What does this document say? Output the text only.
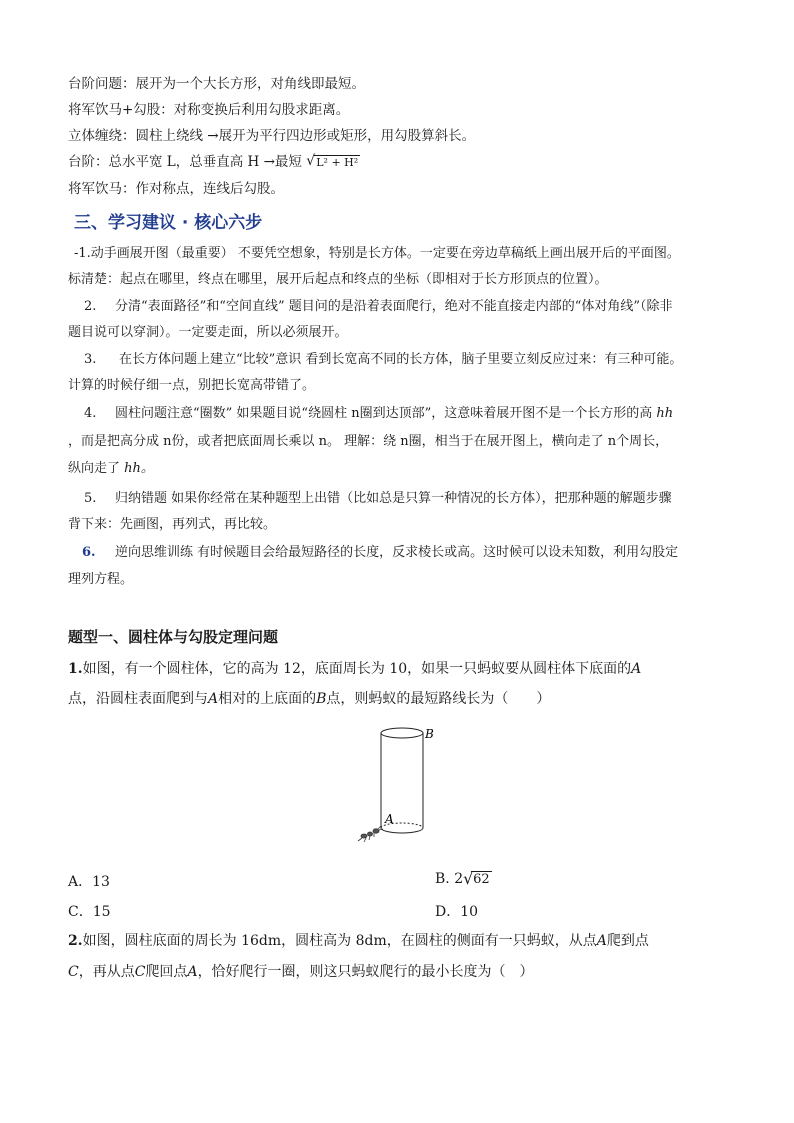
台阶问题：展开为一个大长方形，对角线即最短。
将军饮马+勾股：对称变换后利用勾股求距离。
立体缠绕：圆柱上绕线 →展开为平行四边形或矩形，用勾股算斜长。
台阶：总水平宽 L，总垂直高 H →最短 √ L² + H²
将军饮马：作对称点，连线后勾股。
三、学习建议 · 核心六步
-1.动手画展开图（最重要） 不要凭空想象，特别是长方体。一定要在旁边草稿纸上画出展开后的平面图。
标清楚：起点在哪里，终点在哪里，展开后起点和终点的坐标（即相对于长方形顶点的位置）。
2. 分清“表面路径”和“空间直线” 题目问的是沿着表面爬行，绝对不能直接走内部的“体对角线”（除非
题目说可以穿洞）。一定要走面，所以必须展开。
3. 在长方体问题上建立“比较”意识 看到长宽高不同的长方体，脑子里要立刻反应过来：有三种可能。
计算的时候仔细一点，别把长宽高带错了。
4. 圆柱问题注意“圈数” 如果题目说“绕圆柱 n圈到达顶部”，这意味着展开图不是一个长方形的高 ℎh
，而是把高分成 n份，或者把底面周长乘以 n。 理解：绕 n圈，相当于在展开图上，横向走了 n个周长，
纵向走了 ℎh。
5. 归纳错题 如果你经常在某种题型上出错（比如总是只算一种情况的长方体），把那种题的解题步骤
背下来：先画图，再列式，再比较。
6. 逆向思维训练 有时候题目会给最短路径的长度，反求棱长或高。这时候可以设未知数，利用勾股定
理列方程。
题型一、圆柱体与勾股定理问题
1.如图，有一个圆柱体，它的高为 12，底面周长为 10，如果一只蚂蚁要从圆柱体下底面的A
点，沿圆柱表面爬到与A相对的上底面的B点，则蚂蚁的最短路线长为（　　）
B
A
A．13	B. 2 √ 62
C．15	D．10
2.如图，圆柱底面的周长为 16dm，圆柱高为 8dm，在圆柱的侧面有一只蚂蚁，从点A爬到点
C，再从点C爬回点A，恰好爬行一圈，则这只蚂蚁爬行的最小长度为（　）
